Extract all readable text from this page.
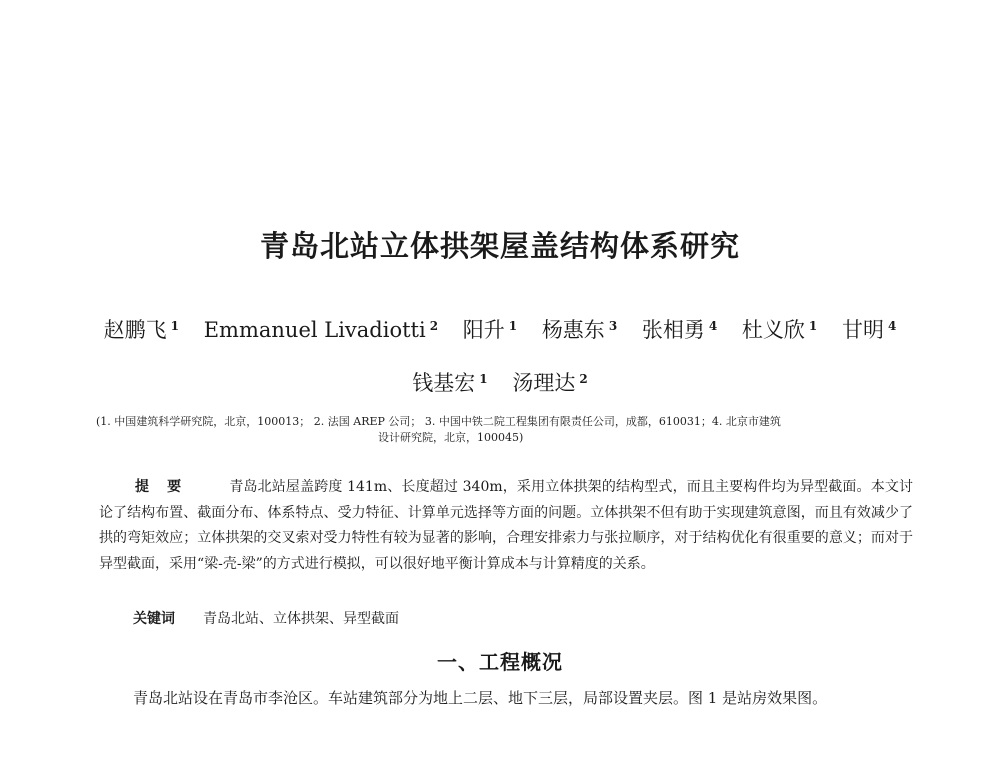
青岛北站立体拱架屋盖结构体系研究
赵鹏飞 $^1$ Emmanuel Livadiotti $^2$ 阳升 $^1$ 杨惠东 $^3$ 张相勇 $^4$ 杜义欣 $^1$ 甘明 $^4$
钱基宏 $^1$ 汤理达 $^2$
(1. 中国建筑科学研究院，北京，100013； 2. 法国 AREP 公司； 3. 中国中铁二院工程集团有限责任公司，成都，610031；4. 北京市建筑
设计研究院，北京，100045)
提要 青岛北站屋盖跨度 141m、长度超过 340m，采用立体拱架的结构型式，而且主要构件均为异型截面。本文讨论了结构布置、截面分布、体系特点、受力特征、计算单元选择等方面的问题。立体拱架不但有助于实现建筑意图，而且有效减少了拱的弯矩效应；立体拱架的交叉索对受力特性有较为显著的影响，合理安排索力与张拉顺序，对于结构优化有很重要的意义；而对于异型截面，采用“梁-壳-梁”的方式进行模拟，可以很好地平衡计算成本与计算精度的关系。
关键词 青岛北站、立体拱架、异型截面
一、工程概况
青岛北站设在青岛市李沧区。车站建筑部分为地上二层、地下三层，局部设置夹层。图 1 是站房效果图。
